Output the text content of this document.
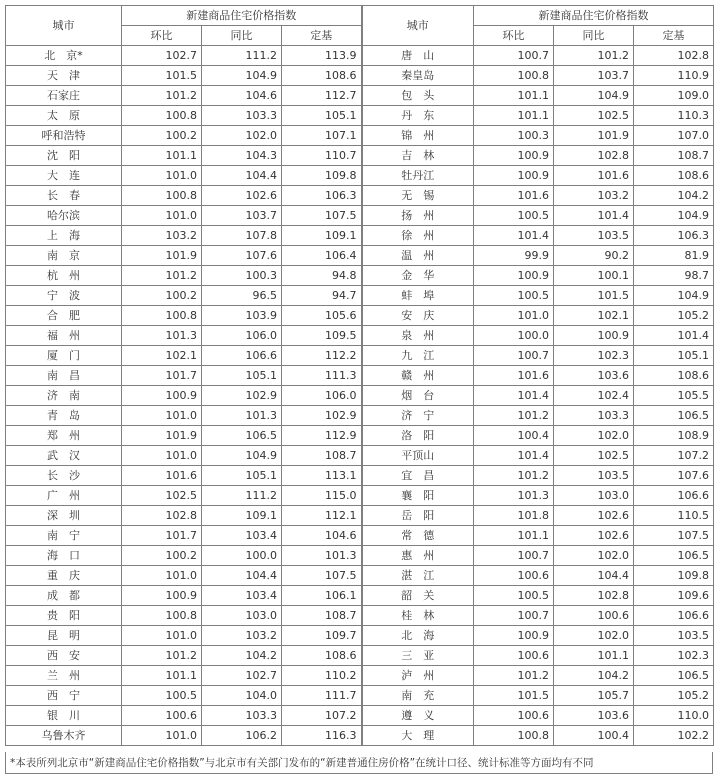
城市	新建商品住宅价格指数			城市	新建商品住宅价格指数		
	环比	同比	定基		环比	同比	定基
北　京*	102.7	111.2	113.9	唐　山	100.7	101.2	102.8
天　津	101.5	104.9	108.6	秦皇岛	100.8	103.7	110.9
石家庄	101.2	104.6	112.7	包　头	101.1	104.9	109.0
太　原	100.8	103.3	105.1	丹　东	101.1	102.5	110.3
呼和浩特	100.2	102.0	107.1	锦　州	100.3	101.9	107.0
沈　阳	101.1	104.3	110.7	吉　林	100.9	102.8	108.7
大　连	101.0	104.4	109.8	牡丹江	100.9	101.6	108.6
长　春	100.8	102.6	106.3	无　锡	101.6	103.2	104.2
哈尔滨	101.0	103.7	107.5	扬　州	100.5	101.4	104.9
上　海	103.2	107.8	109.1	徐　州	101.4	103.5	106.3
南　京	101.9	107.6	106.4	温　州	99.9	90.2	81.9
杭　州	101.2	100.3	94.8	金　华	100.9	100.1	98.7
宁　波	100.2	96.5	94.7	蚌　埠	100.5	101.5	104.9
合　肥	100.8	103.9	105.6	安　庆	101.0	102.1	105.2
福　州	101.3	106.0	109.5	泉　州	100.0	100.9	101.4
厦　门	102.1	106.6	112.2	九　江	100.7	102.3	105.1
南　昌	101.7	105.1	111.3	赣　州	101.6	103.6	108.6
济　南	100.9	102.9	106.0	烟　台	101.4	102.4	105.5
青　岛	101.0	101.3	102.9	济　宁	101.2	103.3	106.5
郑　州	101.9	106.5	112.9	洛　阳	100.4	102.0	108.9
武　汉	101.0	104.9	108.7	平顶山	101.4	102.5	107.2
长　沙	101.6	105.1	113.1	宜　昌	101.2	103.5	107.6
广　州	102.5	111.2	115.0	襄　阳	101.3	103.0	106.6
深　圳	102.8	109.1	112.1	岳　阳	101.8	102.6	110.5
南　宁	101.7	103.4	104.6	常　德	101.1	102.6	107.5
海　口	100.2	100.0	101.3	惠　州	100.7	102.0	106.5
重　庆	101.0	104.4	107.5	湛　江	100.6	104.4	109.8
成　都	100.9	103.4	106.1	韶　关	100.5	102.8	109.6
贵　阳	100.8	103.0	108.7	桂　林	100.7	100.6	106.6
昆　明	101.0	103.2	109.7	北　海	100.9	102.0	103.5
西　安	101.2	104.2	108.6	三　亚	100.6	101.1	102.3
兰　州	101.1	102.7	110.2	泸　州	101.2	104.2	106.5
西　宁	100.5	104.0	111.7	南　充	101.5	105.7	105.2
银　川	100.6	103.3	107.2	遵　义	100.6	103.6	110.0
乌鲁木齐	101.0	106.2	116.3	大　理	100.8	100.4	102.2
*本表所列北京市“新建商品住宅价格指数”与北京市有关部门发布的“新建普通住房价格”在统计口径、统计标准等方面均有不同
